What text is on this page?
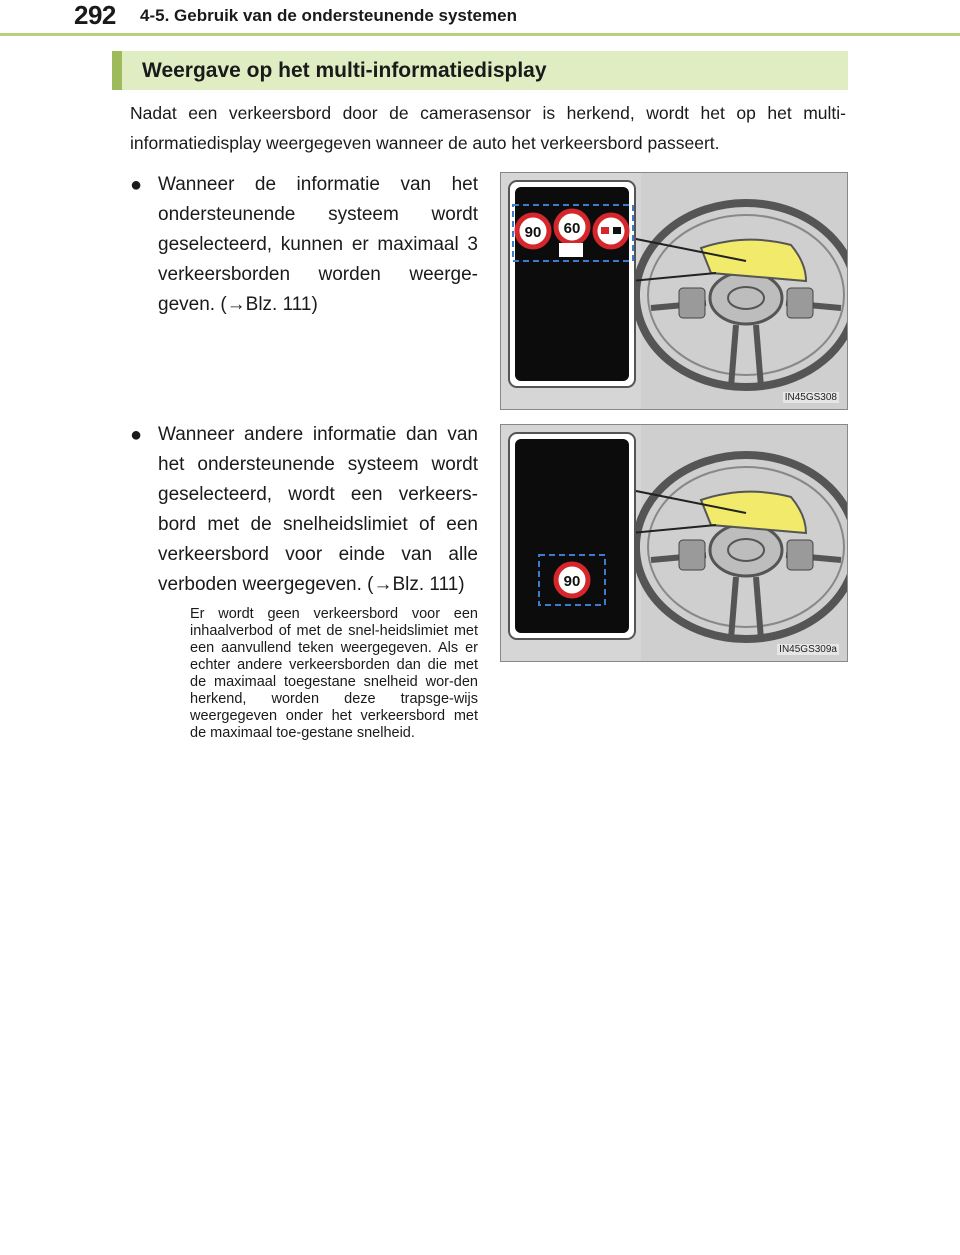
292 4-5. Gebruik van de ondersteunende systemen
Weergave op het multi-informatiedisplay
Nadat een verkeersbord door de camerasensor is herkend, wordt het op het multi-informatiedisplay weergegeven wanneer de auto het verkeersbord passeert.
● Wanneer de informatie van het ondersteunende systeem wordt geselecteerd, kunnen er maximaal 3 verkeersborden worden weerge-geven. (→Blz. 111)
● Wanneer andere informatie dan van het ondersteunende systeem wordt geselecteerd, wordt een verkeers-bord met de snelheidslimiet of een verkeersbord voor einde van alle verboden weergegeven. (→Blz. 111)
Er wordt geen verkeersbord voor een inhaalverbod of met de snel-heidslimiet met een aanvullend teken weergegeven. Als er echter andere verkeersborden dan die met de maximaal toegestane snelheid wor-den herkend, worden deze trapsge-wijs weergegeven onder het verkeersbord met de maximaal toe-gestane snelheid.
90 60
IN45GS308
90
IN45GS309a
